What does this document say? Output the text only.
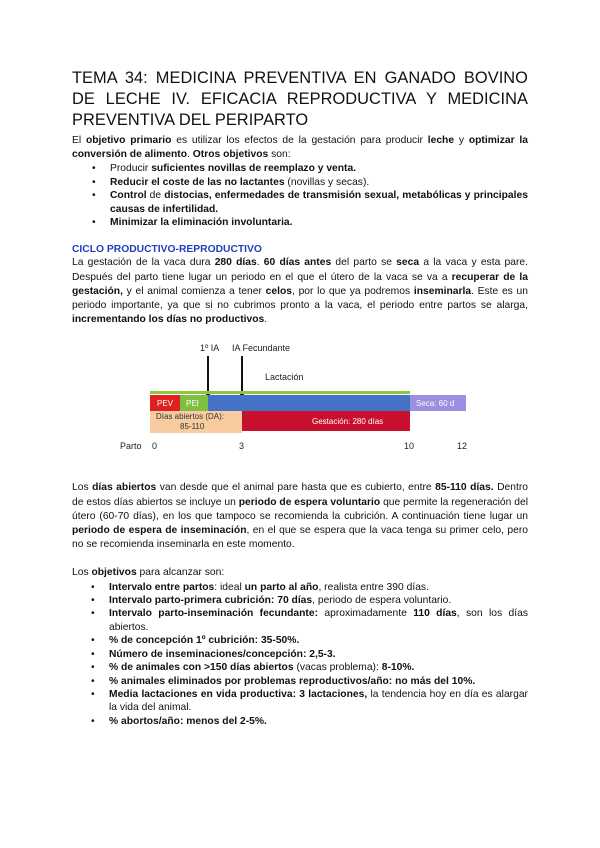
TEMA 34: MEDICINA PREVENTIVA EN GANADO BOVINO DE LECHE IV. EFICACIA REPRODUCTIVA Y MEDICINA PREVENTIVA DEL PERIPARTO

El objetivo primario es utilizar los efectos de la gestación para producir leche y optimizar la conversión de alimento. Otros objetivos son:

• Producir suficientes novillas de reemplazo y venta.
• Reducir el coste de las no lactantes (novillas y secas).
• Control de distocias, enfermedades de transmisión sexual, metabólicas y principales causas de infertilidad.
• Minimizar la eliminación involuntaria.
CICLO PRODUCTIVO-REPRODUCTIVO

La gestación de la vaca dura 280 días. 60 días antes del parto se seca a la vaca y esta pare. Después del parto tiene lugar un periodo en el que el útero de la vaca se va a recuperar de la gestación, y el animal comienza a tener celos, por lo que ya podremos inseminarla. Este es un periodo importante, ya que si no cubrimos pronto a la vaca, el periodo entre partos se alarga, incrementando los días no productivos.

1º IA IA Fecundante
Lactación
PEV PEI	Seca: 60 d
Días abiertos (DA):
85-110
Gestación: 280 días
Parto 0	3	10	12

Los días abiertos van desde que el animal pare hasta que es cubierto, entre 85-110 días. Dentro de estos días abiertos se incluye un periodo de espera voluntario que permite la regeneración del útero (60-70 días), en los que tampoco se recomienda la cubrición. A continuación tiene lugar un periodo de espera de inseminación, en el que se espera que la vaca tenga su primer celo, pero no se recomienda inseminarla en este momento.

Los objetivos para alcanzar son:

• Intervalo entre partos: ideal un parto al año, realista entre 390 días.
• Intervalo parto-primera cubrición: 70 días, periodo de espera voluntario.
• Intervalo parto-inseminación fecundante: aproximadamente 110 días, son los días abiertos.
• % de concepción 1º cubrición: 35-50%.
• Número de inseminaciones/concepción: 2,5-3.
• % de animales con >150 días abiertos (vacas problema): 8-10%.
• % animales eliminados por problemas reproductivos/año: no más del 10%.
• Media lactaciones en vida productiva: 3 lactaciones, la tendencia hoy en día es alargar la vida del animal.
• % abortos/año: menos del 2-5%.
